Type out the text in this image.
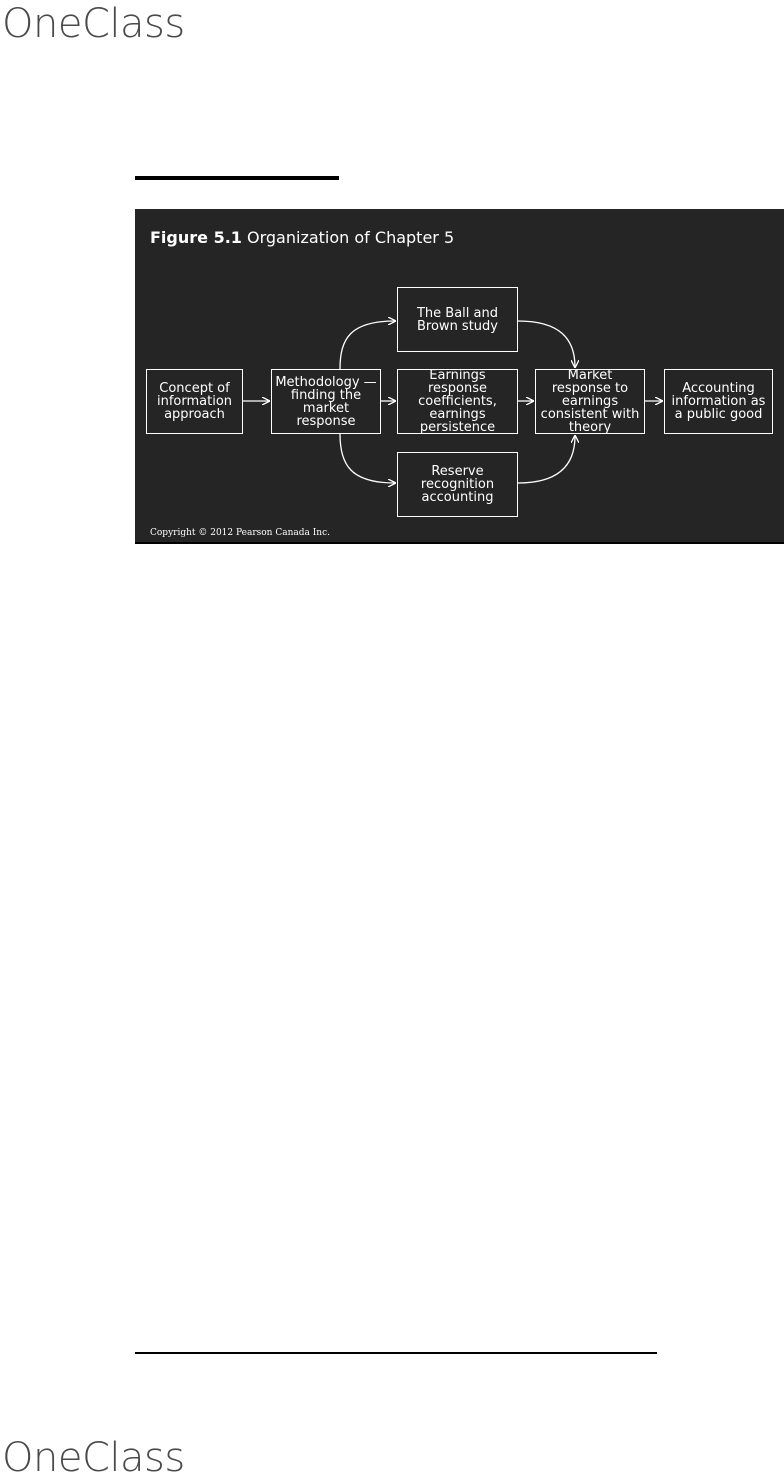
OneClass
Figure 5.1 Organization of Chapter 5
Concept of information approach
Methodology — finding the market response
The Ball and Brown study
Earnings response coefficients, earnings persistence
Reserve recognition accounting
Market response to earnings consistent with theory
Accounting information as a public good
Copyright © 2012 Pearson Canada Inc.
OneClass
